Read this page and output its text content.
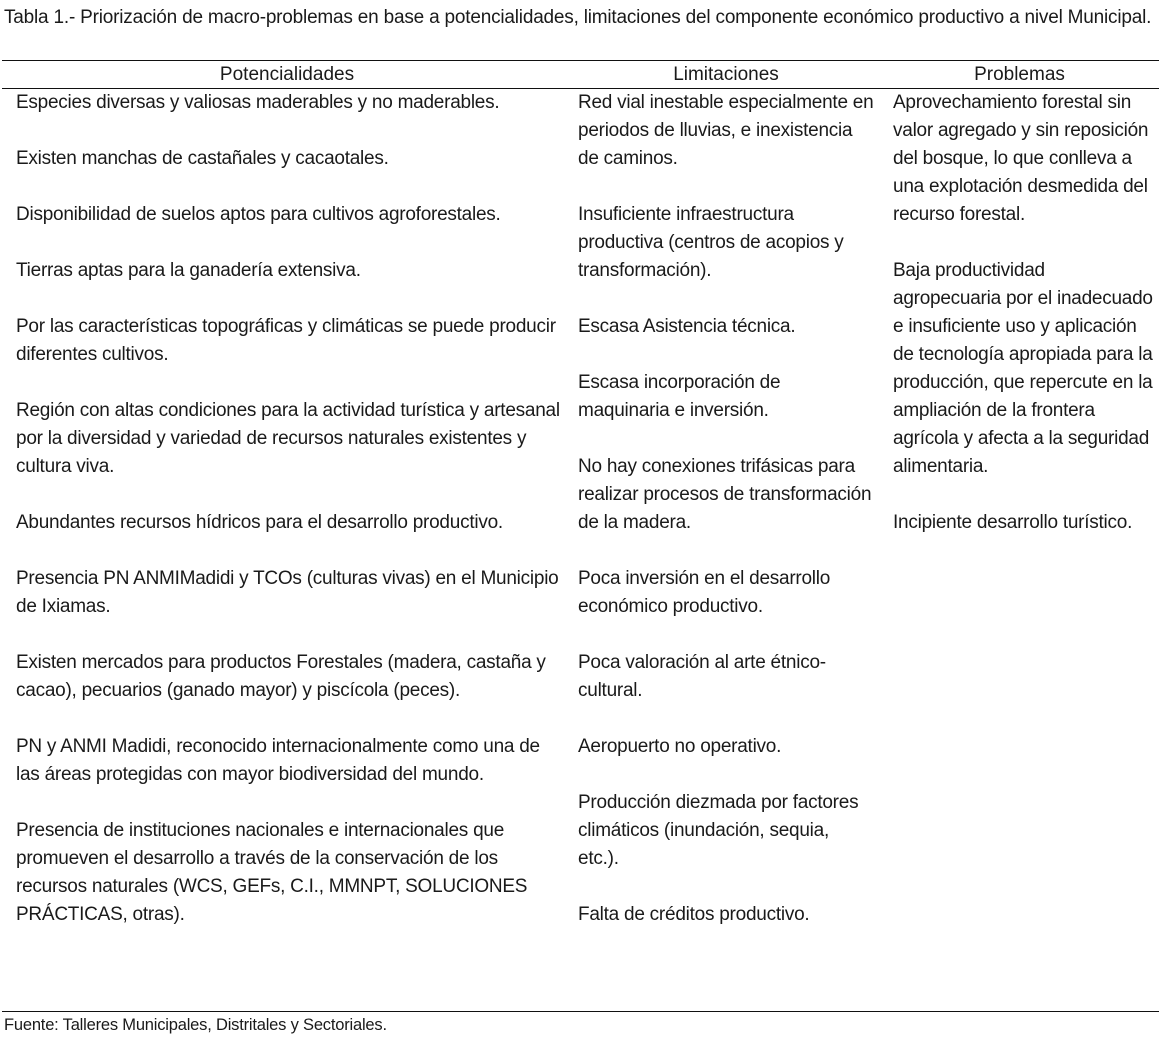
Tabla 1.- Priorización de macro-problemas en base a potencialidades, limitaciones del componente económico productivo a nivel Municipal.
Potencialidades	Limitaciones	Problemas

Especies diversas y valiosas maderables y no maderables.

Existen manchas de castañales y cacaotales.

Disponibilidad de suelos aptos para cultivos agroforestales.

Tierras aptas para la ganadería extensiva.

Por las características topográficas y climáticas se puede producir diferentes cultivos.

Región con altas condiciones para la actividad turística y artesanal por la diversidad y variedad de recursos naturales existentes y cultura viva.

Abundantes recursos hídricos para el desarrollo productivo.

Presencia PN ANMIMadidi y TCOs (culturas vivas) en el Municipio de Ixiamas.

Existen mercados para productos Forestales (madera, castaña y cacao), pecuarios (ganado mayor) y piscícola (peces).

PN y ANMI Madidi, reconocido internacionalmente como una de las áreas protegidas con mayor biodiversidad del mundo.

Presencia de instituciones nacionales e internacionales que promueven el desarrollo a través de la conservación de los recursos naturales (WCS, GEFs, C.I., MMNPT, SOLUCIONES PRÁCTICAS, otras).

Red vial inestable especialmente en periodos de lluvias, e inexistencia de caminos.

Insuficiente infraestructura productiva (centros de acopios y transformación).

Escasa Asistencia técnica.

Escasa incorporación de maquinaria e inversión.

No hay conexiones trifásicas para realizar procesos de transformación de la madera.

Poca inversión en el desarrollo económico productivo.

Poca valoración al arte étnico-cultural.

Aeropuerto no operativo.

Producción diezmada por factores climáticos (inundación, sequia, etc.).

Falta de créditos productivo.

Aprovechamiento forestal sin valor agregado y sin reposición del bosque, lo que conlleva a una explotación desmedida del recurso forestal.

Baja productividad agropecuaria por el inadecuado e insuficiente uso y aplicación de tecnología apropiada para la producción, que repercute en la ampliación de la frontera agrícola y afecta a la seguridad alimentaria.

Incipiente desarrollo turístico.

Fuente: Talleres Municipales, Distritales y Sectoriales.
